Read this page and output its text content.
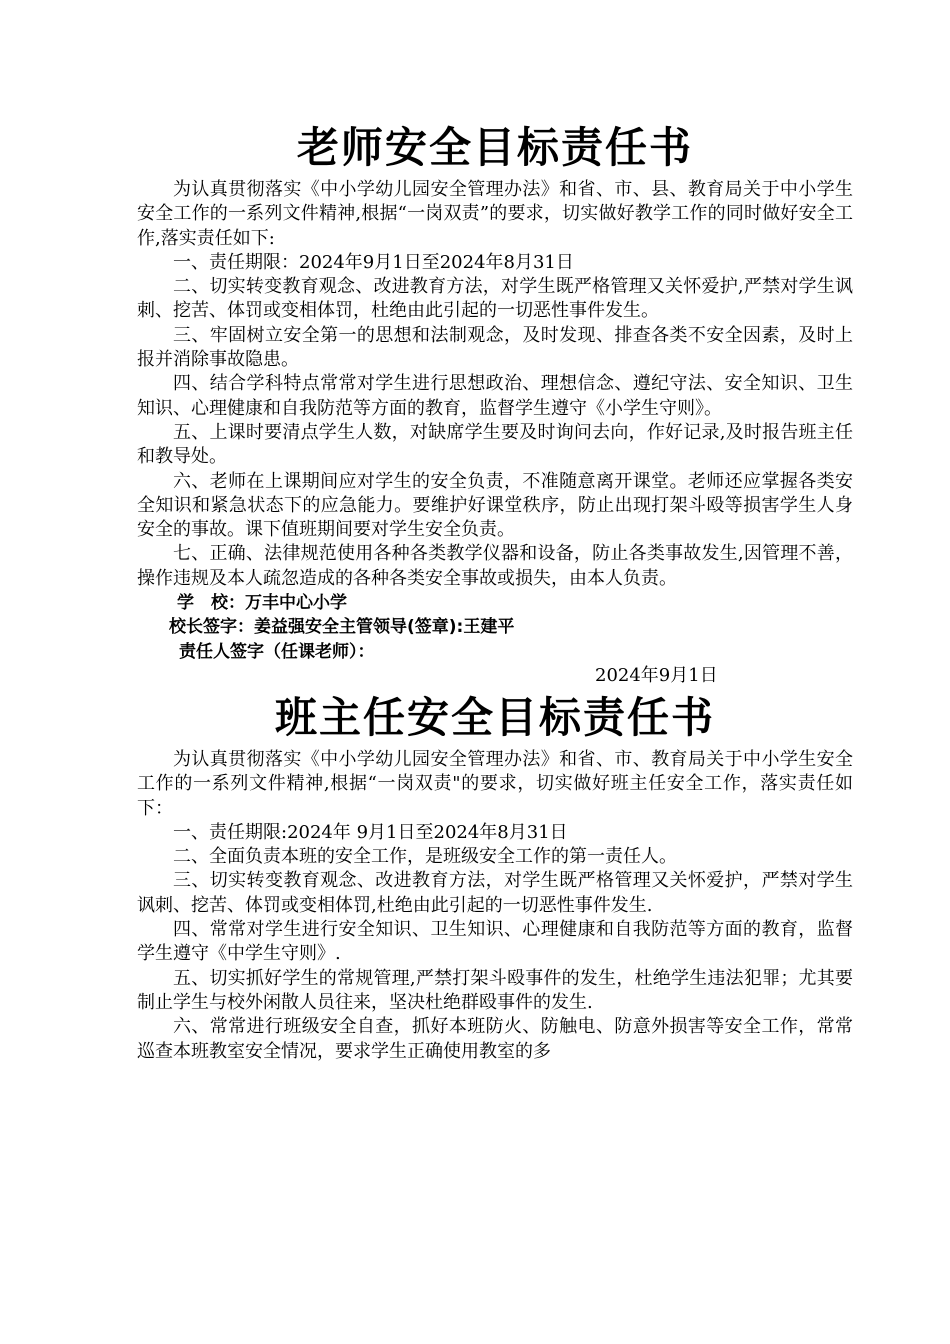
老师安全目标责任书

为认真贯彻落实《中小学幼儿园安全管理办法》和省、市、县、教育局关于中小学生安全工作的一系列文件精神,根据“一岗双责”的要求，切实做好教学工作的同时做好安全工作,落实责任如下:

一、责任期限：2024年9月1日至2024年8月31日

二、切实转变教育观念、改进教育方法，对学生既严格管理又关怀爱护,严禁对学生讽刺、挖苦、体罚或变相体罚，杜绝由此引起的一切恶性事件发生。

三、牢固树立安全第一的思想和法制观念，及时发现、排查各类不安全因素，及时上报并消除事故隐患。

四、结合学科特点常常对学生进行思想政治、理想信念、遵纪守法、安全知识、卫生知识、心理健康和自我防范等方面的教育，监督学生遵守《小学生守则》。

五、上课时要清点学生人数，对缺席学生要及时询问去向，作好记录,及时报告班主任和教导处。

六、老师在上课期间应对学生的安全负责，不准随意离开课堂。老师还应掌握各类安全知识和紧急状态下的应急能力。要维护好课堂秩序，防止出现打架斗殴等损害学生人身安全的事故。课下值班期间要对学生安全负责。

七、正确、法律规范使用各种各类教学仪器和设备，防止各类事故发生,因管理不善，操作违规及本人疏忽造成的各种各类安全事故或损失，由本人负责。

学　校：万丰中心小学
校长签字：姜益强安全主管领导(签章):王建平
责任人签字（任课老师）：
2024年9月1日
班主任安全目标责任书

为认真贯彻落实《中小学幼儿园安全管理办法》和省、市、教育局关于中小学生安全工作的一系列文件精神,根据“一岗双责"的要求，切实做好班主任安全工作，落实责任如下：

一、责任期限:2024年 9月1日至2024年8月31日

二、全面负责本班的安全工作，是班级安全工作的第一责任人。

三、切实转变教育观念、改进教育方法，对学生既严格管理又关怀爱护，严禁对学生讽刺、挖苦、体罚或变相体罚,杜绝由此引起的一切恶性事件发生.

四、常常对学生进行安全知识、卫生知识、心理健康和自我防范等方面的教育，监督学生遵守《中学生守则》.

五、切实抓好学生的常规管理,严禁打架斗殴事件的发生，杜绝学生违法犯罪；尤其要制止学生与校外闲散人员往来，坚决杜绝群殴事件的发生.

六、常常进行班级安全自查，抓好本班防火、防触电、防意外损害等安全工作，常常巡查本班教室安全情况，要求学生正确使用教室的多
